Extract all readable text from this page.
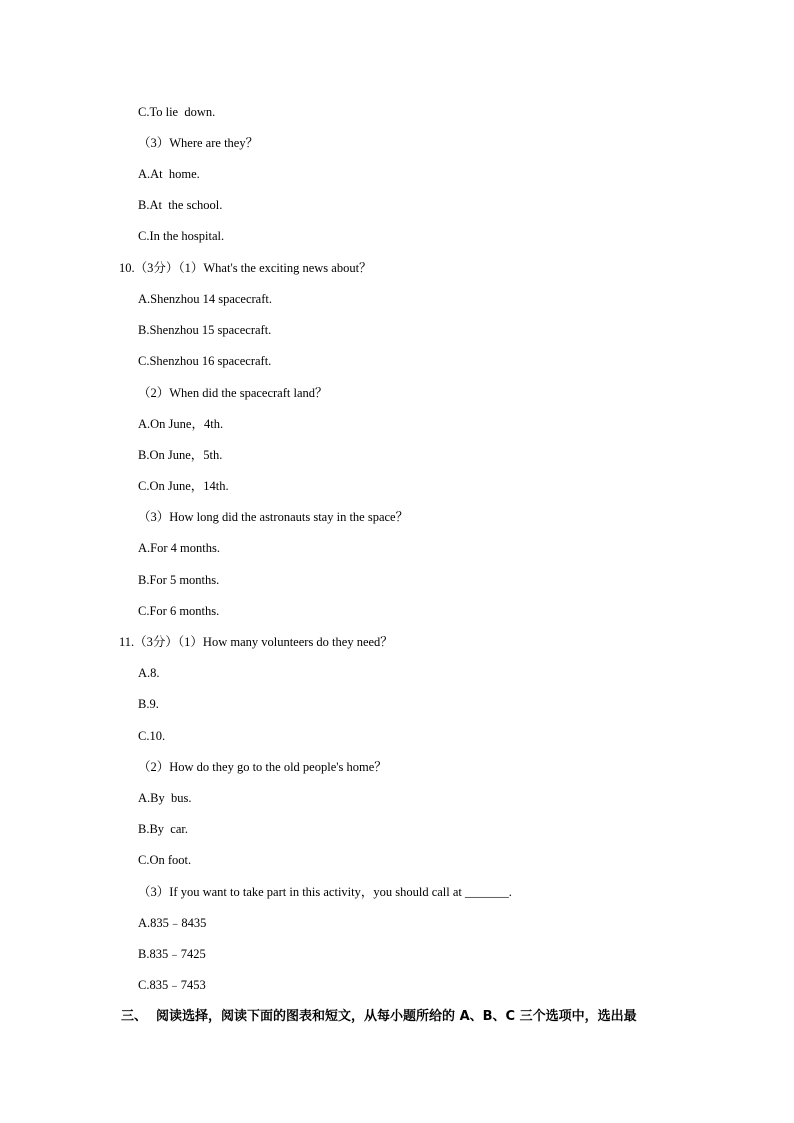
C.To lie  down.
（3）Where are they？
A.At  home.
B.At  the school.
C.In the hospital.
10.（3分）（1）What's the exciting news about？
A.Shenzhou 14 spacecraft.
B.Shenzhou 15 spacecraft.
C.Shenzhou 16 spacecraft.
（2）When did the spacecraft land？
A.On June，4th.
B.On June，5th.
C.On June，14th.
（3）How long did the astronauts stay in the space？
A.For 4 months.
B.For 5 months.
C.For 6 months.
11.（3分）（1）How many volunteers do they need？
A.8.
B.9.
C.10.
（2）How do they go to the old people's home？
A.By  bus.
B.By  car.
C.On foot.
（3）If you want to take part in this activity，you should call at _______.
A.835﹣8435
B.835﹣7425
C.835﹣7453
三、  阅读选择，阅读下面的图表和短文，从每小题所给的 A、B、C 三个选项中，选出最
